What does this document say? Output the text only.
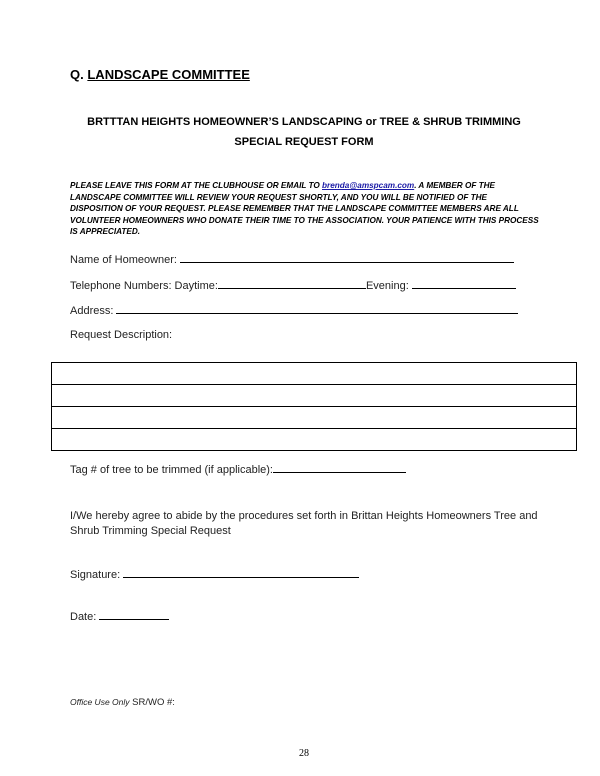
Q. LANDSCAPE COMMITTEE
BRTTTAN HEIGHTS HOMEOWNER’S LANDSCAPING or TREE & SHRUB TRIMMING
SPECIAL REQUEST FORM
PLEASE LEAVE THIS FORM AT THE CLUBHOUSE OR EMAIL TO brenda@amspcam.com. A MEMBER OF THE LANDSCAPE COMMITTEE WILL REVIEW YOUR REQUEST SHORTLY, AND YOU WILL BE NOTIFIED OF THE DISPOSITION OF YOUR REQUEST. PLEASE REMEMBER THAT THE LANDSCAPE COMMITTEE MEMBERS ARE ALL VOLUNTEER HOMEOWNERS WHO DONATE THEIR TIME TO THE ASSOCIATION. YOUR PATIENCE WITH THIS PROCESS IS APPRECIATED.
Name of Homeowner:
Telephone Numbers: Daytime:	Evening:
Address:
Request Description:

Tag # of tree to be trimmed (if applicable):
I/We hereby agree to abide by the procedures set forth in Brittan Heights Homeowners Tree and Shrub Trimming Special Request
Signature:
Date:
Office Use Only SR/WO #:
28
